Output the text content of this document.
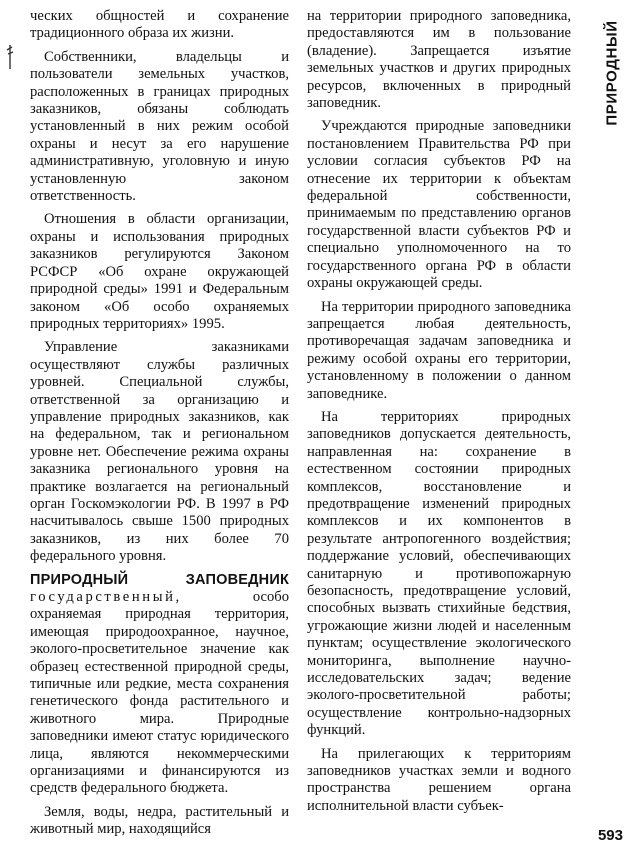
ческих общностей и сохранение традиционного образа их жизни.

Собственники, владельцы и пользователи земельных участков, расположенных в границах природных заказников, обязаны соблюдать установленный в них режим особой охраны и несут за его нарушение административную, уголовную и иную установленную законом ответственность.

Отношения в области организации, охраны и использования природных заказников регулируются Законом РСФСР «Об охране окружающей природной среды» 1991 и Федеральным законом «Об особо охраняемых природных территориях» 1995.

Управление заказниками осуществляют службы различных уровней. Специальной службы, ответственной за организацию и управление природных заказников, как на федеральном, так и региональном уровне нет. Обеспечение режима охраны заказника регионального уровня на практике возлагается на региональный орган Госкомэкологии РФ. В 1997 в РФ насчитывалось свыше 1500 природных заказников, из них более 70 федерального уровня.

ПРИРОДНЫЙ ЗАПОВЕДНИК государственный,	особо охраняемая природная территория, имеющая природоохранное, научное, эколого-просветительное значение как образец естественной природной среды, типичные или редкие, места сохранения генетического фонда растительного и животного мира. Природные заповедники имеют статус юридического лица, являются некоммерческими организациями и финансируются из средств федерального бюджета.

Земля, воды, недра, растительный и животный мир, находящийся

на территории природного заповедника, предоставляются им в пользование (владение). Запрещается изъятие земельных участков и других природных ресурсов, включенных в природный заповедник.

Учреждаются природные заповедники постановлением Правительства РФ при условии согласия субъектов РФ на отнесение их территории к объектам федеральной собственности, принимаемым по представлению органов государственной власти субъектов РФ и специально уполномоченного на то государственного органа РФ в области охраны окружающей среды.

На территории природного заповедника запрещается любая деятельность, противоречащая задачам заповедника и режиму особой охраны его территории, установленному в положении о данном заповеднике.

На территориях природных заповедников допускается деятельность, направленная на: сохранение в естественном состоянии природных комплексов, восстановление и предотвращение изменений природных комплексов и их компонентов в результате антропогенного воздействия; поддержание условий, обеспечивающих санитарную и противопожарную безопасность, предотвращение условий, способных вызвать стихийные бедствия, угрожающие жизни людей и населенным пунктам; осуществление экологического мониторинга, выполнение научно-исследовательских задач; ведение эколого-просветительной работы; осуществление контрольно-надзорных функций.

На прилегающих к территориям заповедников участках земли и водного пространства решением органа исполнительной власти субъек-

ПРИРОДНЫЙ
593
